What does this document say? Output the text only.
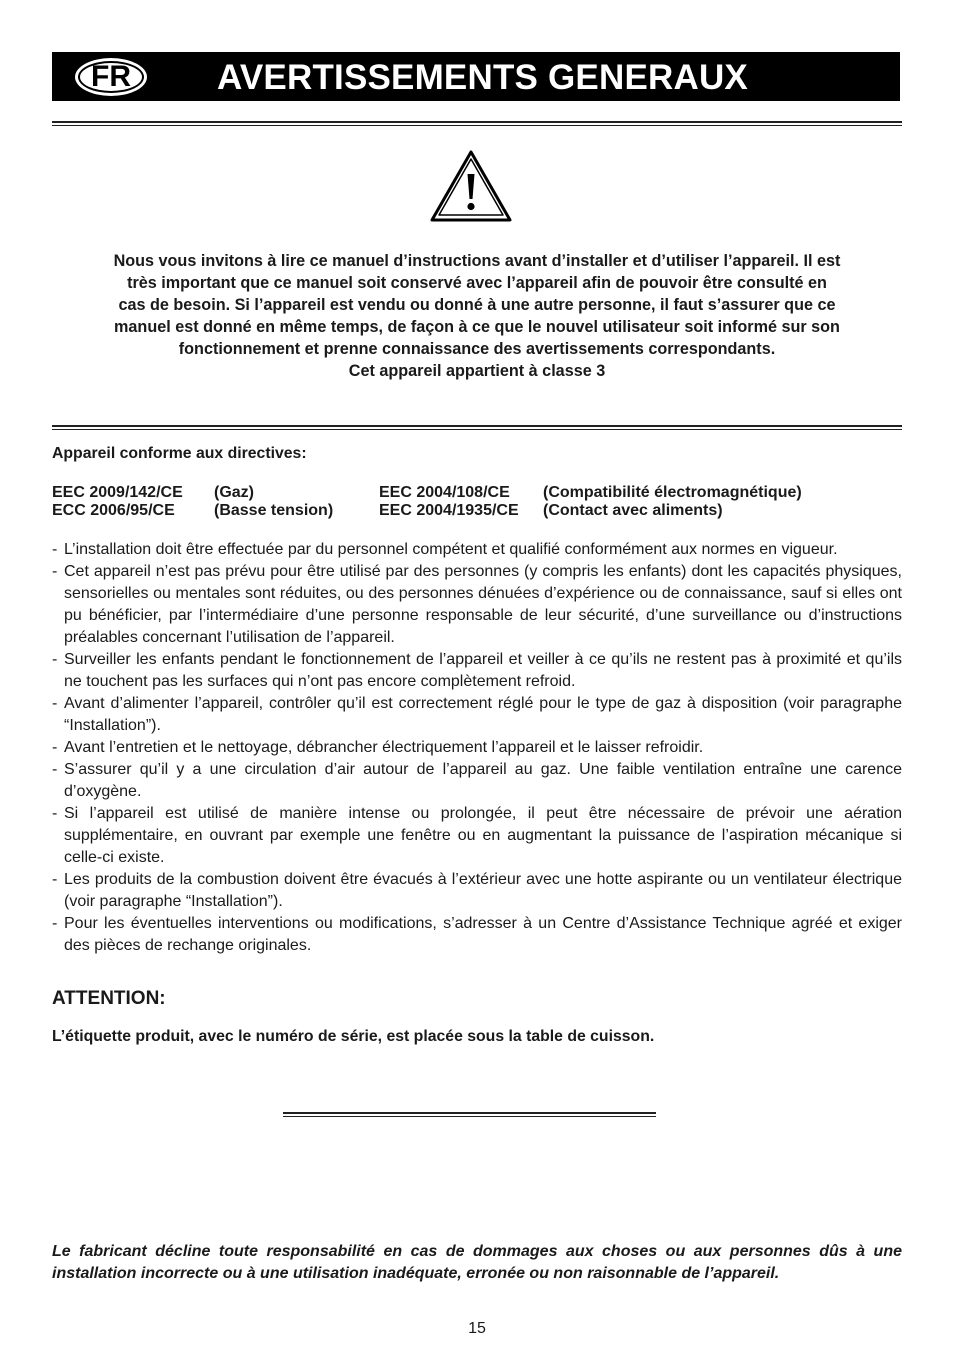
FR AVERTISSEMENTS GENERAUX

Nous vous invitons à lire ce manuel d’instructions avant d’installer et d’utiliser l’appareil. Il est

très important que ce manuel soit conservé avec l’appareil afin de pouvoir être consulté en

cas de besoin. Si l’appareil est vendu ou donné à une autre personne, il faut s’assurer que ce

manuel est donné en même temps, de façon à ce que le nouvel utilisateur soit informé sur son

fonctionnement et prenne connaissance des avertissements correspondants.

Cet appareil appartient à classe 3

Appareil conforme aux directives:
EEC 2009/142/CE (Gaz)	EEC 2004/108/CE (Compatibilité électromagnétique)
ECC 2006/95/CE (Basse tension)	EEC 2004/1935/CE (Contact avec aliments)
- L’installation doit être effectuée par du personnel compétent et qualifié conformément aux normes en vigueur.
- Cet appareil n’est pas prévu pour être utilisé par des personnes (y compris les enfants) dont les capacités physiques, sensorielles ou mentales sont réduites, ou des personnes dénuées d’expérience ou de connaissance, sauf si elles ont pu bénéficier, par l’intermédiaire d’une personne responsable de leur sécurité, d’une surveillance ou d’instructions préalables concernant l’utilisation de l’appareil.
- Surveiller les enfants pendant le fonctionnement de l’appareil et veiller à ce qu’ils ne restent pas à proximité et qu’ils ne touchent pas les surfaces qui n’ont pas encore complètement refroid.
- Avant d’alimenter l’appareil, contrôler qu’il est correctement réglé pour le type de gaz à disposition (voir paragraphe “Installation”).
- Avant l’entretien et le nettoyage, débrancher électriquement l’appareil et le laisser refroidir.
- S’assurer qu’il y a une circulation d’air autour de l’appareil au gaz. Une faible ventilation entraîne une carence d’oxygène.
- Si l’appareil est utilisé de manière intense ou prolongée, il peut être nécessaire de prévoir une aération supplémentaire, en ouvrant par exemple une fenêtre ou en augmentant la puissance de l’aspiration mécanique si celle-ci existe.
- Les produits de la combustion doivent être évacués à l’extérieur avec une hotte aspirante ou un ventilateur électrique (voir paragraphe “Installation”).
- Pour les éventuelles interventions ou modifications, s’adresser à un Centre d’Assistance Technique agréé et exiger des pièces de rechange originales.
ATTENTION:
L’étiquette produit, avec le numéro de série, est placée sous la table de cuisson.
Le fabricant décline toute responsabilité en cas de dommages aux choses ou aux personnes dûs à une installation incorrecte ou à une utilisation inadéquate, erronée ou non raisonnable de l’appareil.
15
